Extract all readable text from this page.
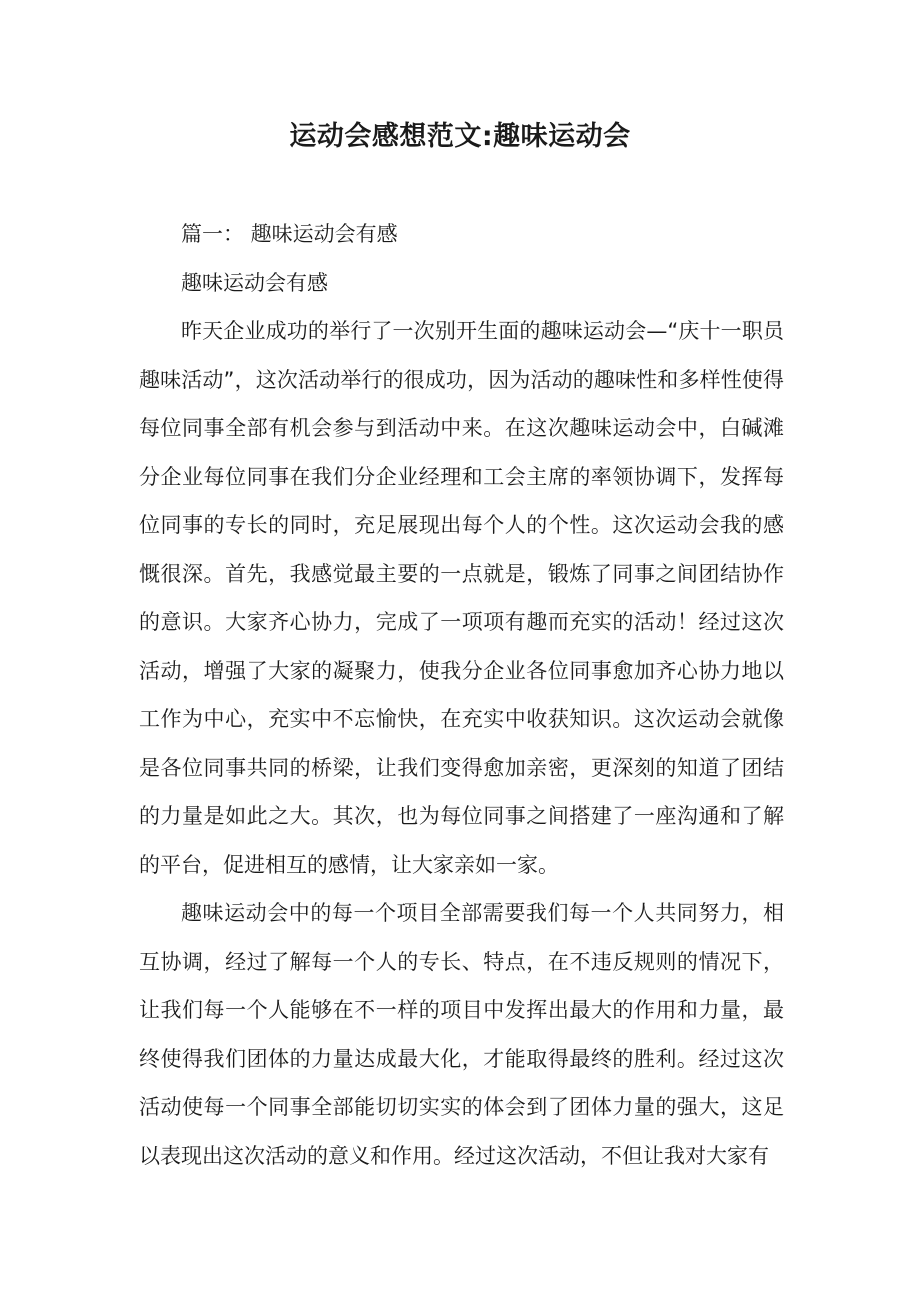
运动会感想范文:趣味运动会

篇一： 趣味运动会有感

趣味运动会有感

昨天企业成功的举行了一次别开生面的趣味运动会—“庆十一职员趣味活动”，这次活动举行的很成功，因为活动的趣味性和多样性使得每位同事全部有机会参与到活动中来。在这次趣味运动会中，白碱滩分企业每位同事在我们分企业经理和工会主席的率领协调下，发挥每位同事的专长的同时，充足展现出每个人的个性。这次运动会我的感慨很深。首先，我感觉最主要的一点就是，锻炼了同事之间团结协作的意识。大家齐心协力，完成了一项项有趣而充实的活动！经过这次活动，增强了大家的凝聚力，使我分企业各位同事愈加齐心协力地以工作为中心，充实中不忘愉快，在充实中收获知识。这次运动会就像是各位同事共同的桥梁，让我们变得愈加亲密，更深刻的知道了团结的力量是如此之大。其次，也为每位同事之间搭建了一座沟通和了解的平台，促进相互的感情，让大家亲如一家。

趣味运动会中的每一个项目全部需要我们每一个人共同努力，相互协调，经过了解每一个人的专长、特点，在不违反规则的情况下，让我们每一个人能够在不一样的项目中发挥出最大的作用和力量，最终使得我们团体的力量达成最大化，才能取得最终的胜利。经过这次活动使每一个同事全部能切切实实的体会到了团体力量的强大，这足以表现出这次活动的意义和作用。经过这次活动，不但让我对大家有
